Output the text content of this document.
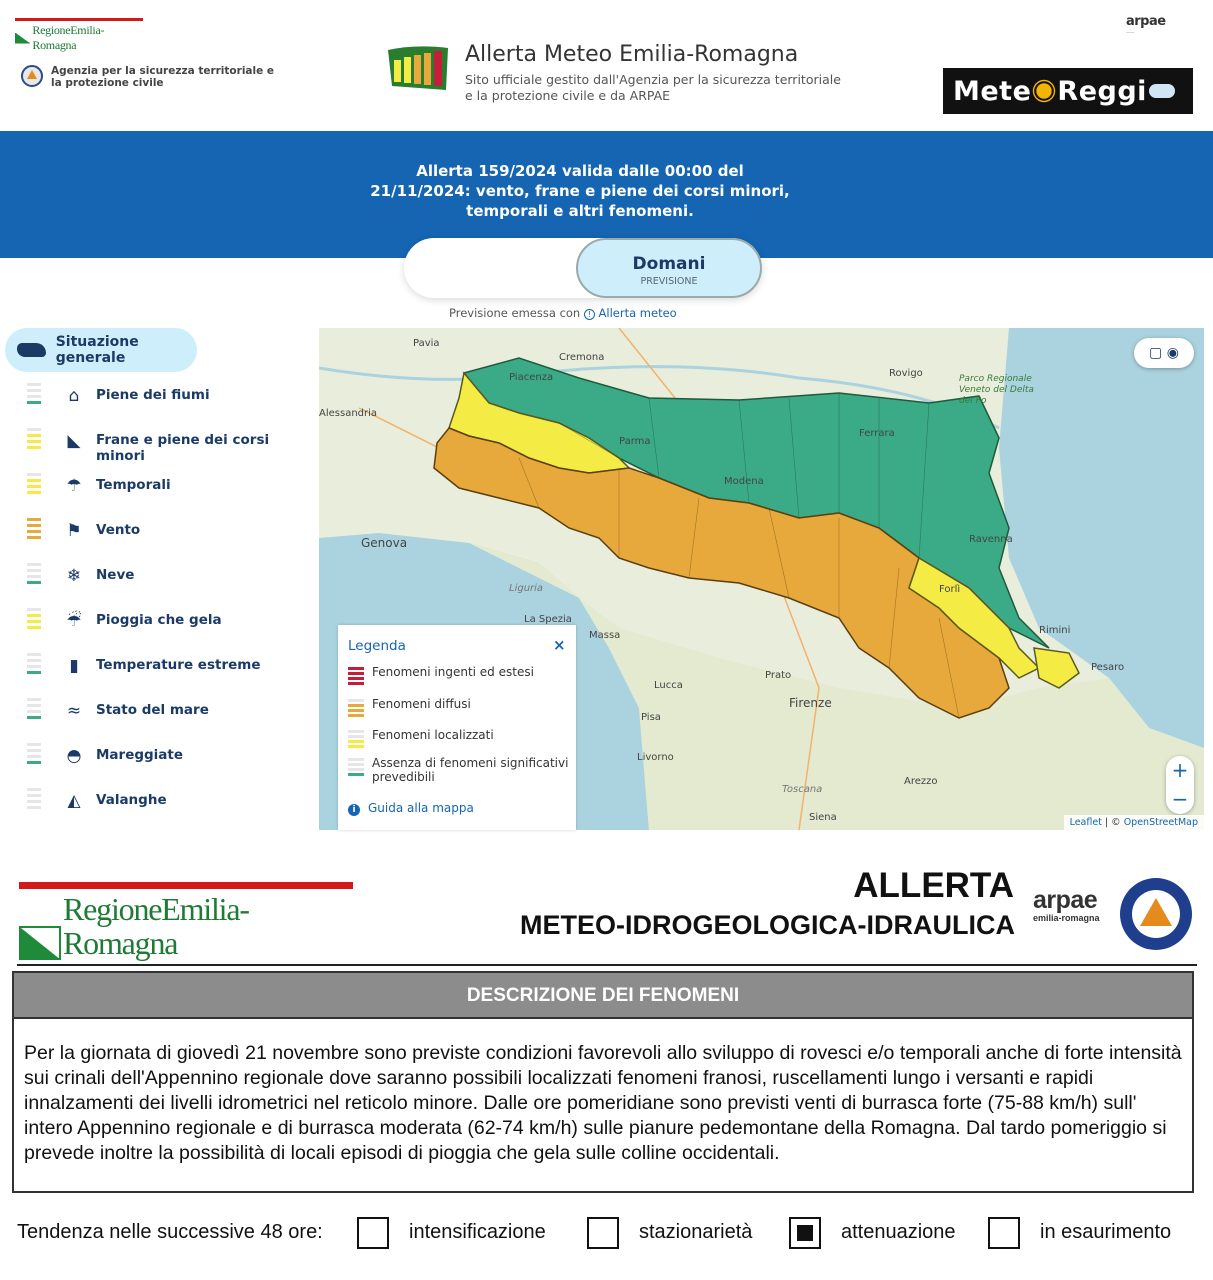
RegioneEmilia-Romagna
Agenzia per la sicurezza territoriale e la protezione civile
Allerta Meteo Emilia-Romagna
Sito ufficiale gestito dall'Agenzia per la sicurezza territoriale e la protezione civile e da ARPAE
arpae
.......
Mete Reggi
Allerta 159/2024 valida dalle 00:00 del
21/11/2024: vento, frane e piene dei corsi minori,
temporali e altri fenomeni.
Domani
PREVISIONE
Previsione emessa con ! Allerta meteo
Situazione generale
⌂	Piene dei fiumi
◣	Frane e piene dei corsi minori
☂ Temporali
⚑ Vento
❄ Neve
☔ Pioggia che gela
▮	Temperature estreme
≈ Stato del mare
◓ Mareggiate
◭	Valanghe
Pavia
Cremona
Rovigo	Parco Regionale Veneto del Delta del Po
Piacenza
Alessandria
Parma
Ferrara
Modena
Genova	Ravenna
Liguria
La Spezia
Forlì
Rimini
Massa
Pesaro
Lucca
Prato
Firenze
Pisa
Livorno
Arezzo
Toscana
Siena
▢ ◉
+
−
Leaflet | © OpenStreetMap
Legenda	×
Fenomeni ingenti ed estesi
Fenomeni diffusi
Fenomeni localizzati
Assenza di fenomeni significativi prevedibili
i Guida alla mappa
RegioneEmilia-Romagna
ALLERTA
METEO-IDROGEOLOGICA-IDRAULICA
arpae
emilia-romagna
DESCRIZIONE DEI FENOMENI
Per la giornata di giovedì 21 novembre sono previste condizioni favorevoli allo sviluppo di rovesci e/o temporali anche di forte intensità sui crinali dell'Appennino regionale dove saranno possibili localizzati fenomeni franosi, ruscellamenti lungo i versanti e rapidi innalzamenti dei livelli idrometrici nel reticolo minore. Dalle ore pomeridiane sono previsti venti di burrasca forte (75-88 km/h) sull' intero Appennino regionale e di burrasca moderata (62-74 km/h) sulle pianure pedemontane della Romagna. Dal tardo pomeriggio si prevede inoltre la possibilità di locali episodi di pioggia che gela sulle colline occidentali.
Tendenza nelle successive 48 ore:	intensificazione	stazionarietà	attenuazione	in esaurimento
